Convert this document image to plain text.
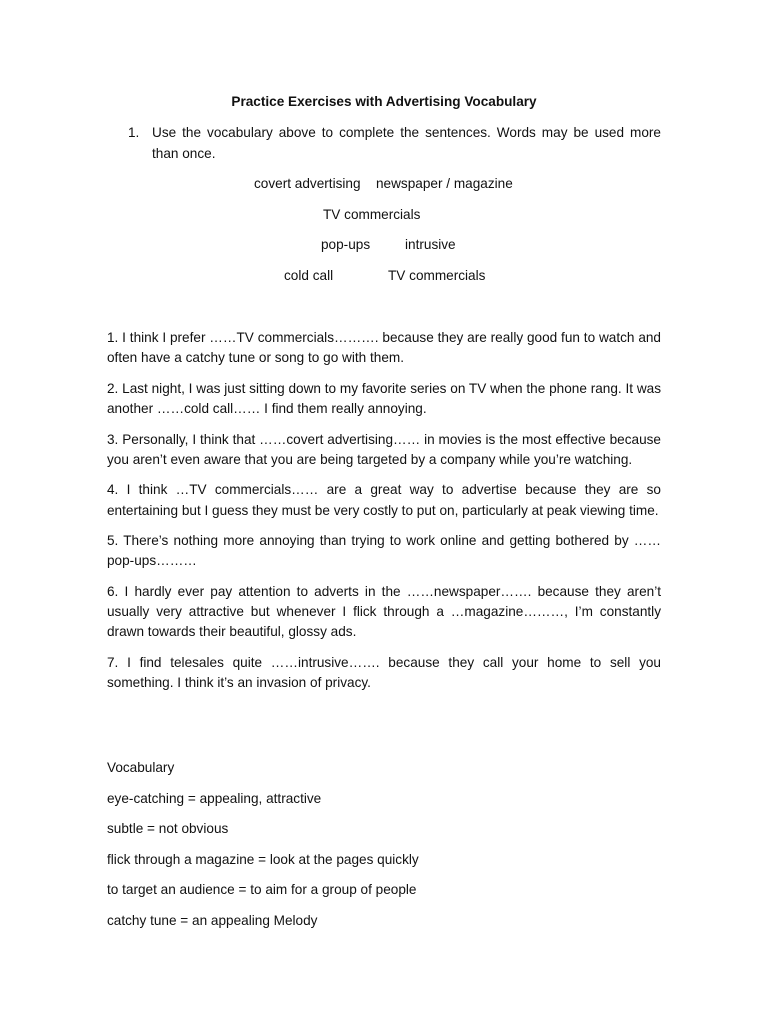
Practice Exercises with Advertising Vocabulary
1. Use the vocabulary above to complete the sentences. Words may be used more than once.
covert advertising newspaper / magazine
TV commercials
pop-ups	intrusive
cold call	TV commercials

1. I think I prefer ……TV commercials………. because they are really good fun to watch and often have a catchy tune or song to go with them.

2. Last night, I was just sitting down to my favorite series on TV when the phone rang. It was another ……cold call…… I find them really annoying.

3. Personally, I think that ……covert advertising…… in movies is the most effective because you aren’t even aware that you are being targeted by a company while you’re watching.

4. I think …TV commercials…… are a great way to advertise because they are so entertaining but I guess they must be very costly to put on, particularly at peak viewing time.

5. There’s nothing more annoying than trying to work online and getting bothered by …… pop-ups………

6. I hardly ever pay attention to adverts in the ……newspaper……. because they aren’t usually very attractive but whenever I flick through a …magazine………, I’m constantly drawn towards their beautiful, glossy ads.

7. I find telesales quite ……intrusive……. because they call your home to sell you something. I think it’s an invasion of privacy.

Vocabulary
eye-catching = appealing, attractive
subtle = not obvious
flick through a magazine = look at the pages quickly
to target an audience = to aim for a group of people
catchy tune = an appealing Melody
